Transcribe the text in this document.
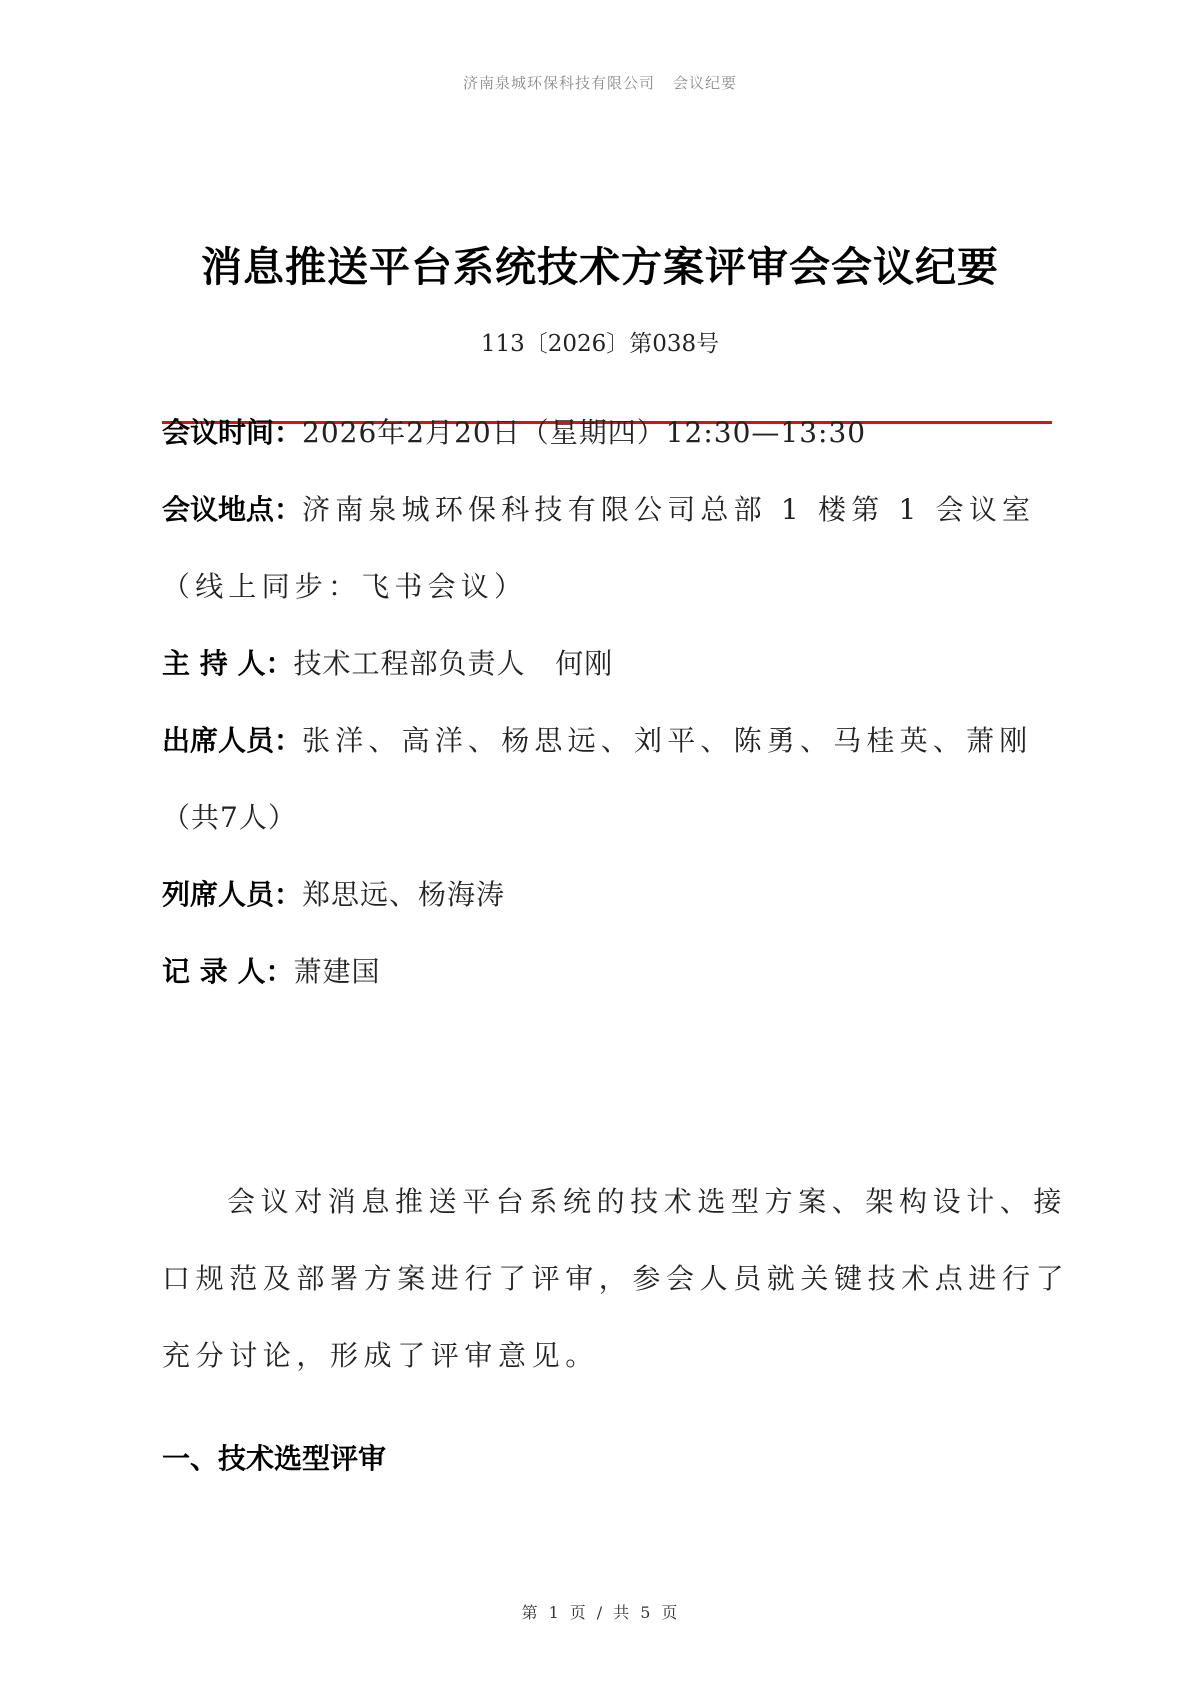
济南泉城环保科技有限公司 会议纪要
消息推送平台系统技术方案评审会会议纪要
113〔2026〕第038号
会议时间：2026年2月20日（星期四）12:30—13:30
会议地点：济南泉城环保科技有限公司总部 1 楼第 1 会议室
（线上同步：飞书会议）
主 持 人：技术工程部负责人   何刚
出席人员：张洋、高洋、杨思远、刘平、陈勇、马桂英、萧刚
（共7人）
列席人员：郑思远、杨海涛
记 录 人：萧建国
会议对消息推送平台系统的技术选型方案、架构设计、接
口规范及部署方案进行了评审，参会人员就关键技术点进行了
充分讨论，形成了评审意见。
一、技术选型评审
第 1 页 / 共 5 页
